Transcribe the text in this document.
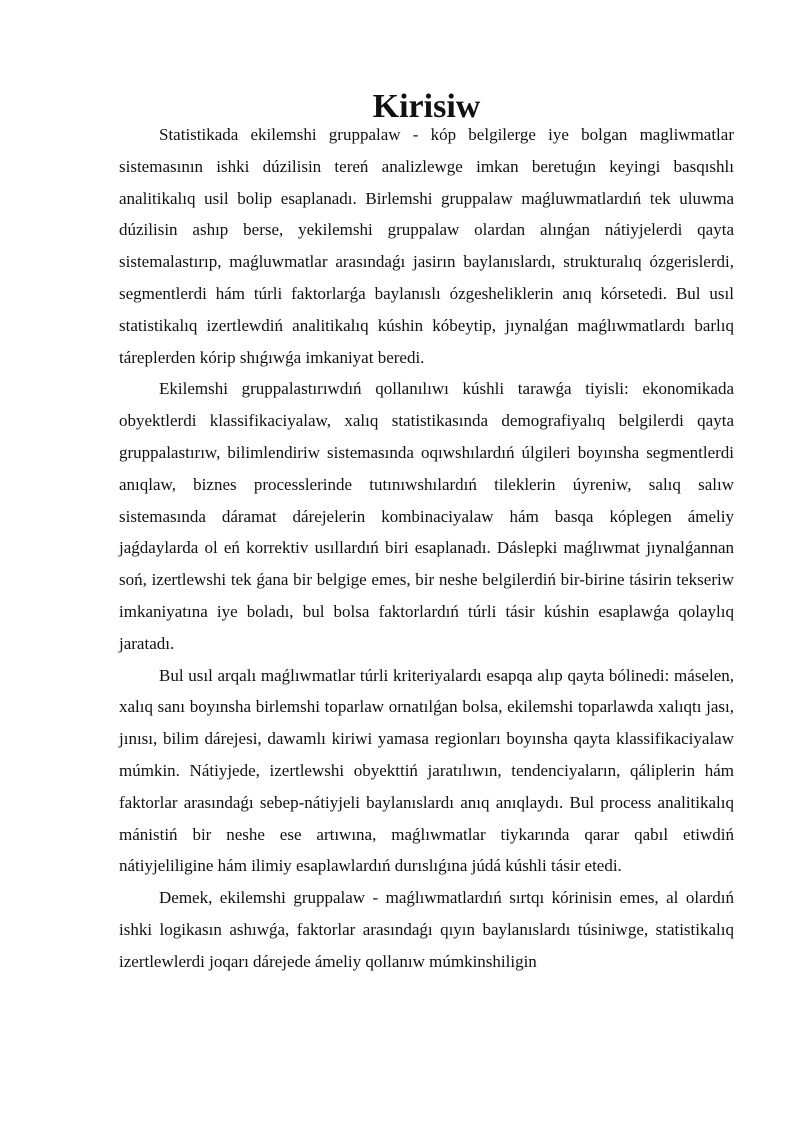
Kirisiw

Statistikada ekilemshi gruppalaw - kóp belgilerge iye bolgan magliwmatlar sistemasının ishki dúzilisin tereń analizlewge imkan beretuǵın keyingi basqıshlı analitikalıq usil bolip esaplanadı. Birlemshi gruppalaw maǵluwmatlardıń tek uluwma dúzilisin ashıp berse, yekilemshi gruppalaw olardan alınǵan nátiyjelerdi qayta sistemalastırıp, maǵluwmatlar arasındaǵı jasirın baylanıslardı, strukturalıq ózgerislerdi, segmentlerdi hám túrli faktorlarǵa baylanıslı ózgesheliklerin anıq kórsetedi. Bul usıl statistikalıq izertlewdiń analitikalıq kúshin kóbeytip, jıynalǵan maǵlıwmatlardı barlıq táreplerden kórip shıǵıwǵa imkaniyat beredi.

Ekilemshi gruppalastırıwdıń qollanılıwı kúshli tarawǵa tiyisli: ekonomikada obyektlerdi klassifikaciyalaw, xalıq statistikasında demografiyalıq belgilerdi qayta gruppalastırıw, bilimlendiriw sistemasında oqıwshılardıń úlgileri boyınsha segmentlerdi anıqlaw, biznes processlerinde tutınıwshılardıń tileklerin úyreniw, salıq salıw sistemasında dáramat dárejelerin kombinaciyalaw hám basqa kóplegen ámeliy jaǵdaylarda ol eń korrektiv usıllardıń biri esaplanadı. Dáslepki maǵlıwmat jıynalǵannan soń, izertlewshi tek ǵana bir belgige emes, bir neshe belgilerdiń bir-birine tásirin tekseriw imkaniyatına iye boladı, bul bolsa faktorlardıń túrli tásir kúshin esaplawǵa qolaylıq jaratadı.

Bul usıl arqalı maǵlıwmatlar túrli kriteriyalardı esapqa alıp qayta bólinedi: máselen, xalıq sanı boyınsha birlemshi toparlaw ornatılǵan bolsa, ekilemshi toparlawda xalıqtı jası, jınısı, bilim dárejesi, dawamlı kiriwi yamasa regionları boyınsha qayta klassifikaciyalaw múmkin. Nátiyjede, izertlewshi obyekttiń jaratılıwın, tendenciyaların, qáliplerin hám faktorlar arasındaǵı sebep-nátiyjeli baylanıslardı anıq anıqlaydı. Bul process analitikalıq mánistiń bir neshe ese artıwına, maǵlıwmatlar tiykarında qarar qabıl etiwdiń nátiyjeliligine hám ilimiy esaplawlardıń durıslıǵına júdá kúshli tásir etedi.

Demek, ekilemshi gruppalaw - maǵlıwmatlardıń sırtqı kórinisin emes, al olardıń ishki logikasın ashıwǵa, faktorlar arasındaǵı qıyın baylanıslardı túsiniwge, statistikalıq izertlewlerdi joqarı dárejede ámeliy qollanıw múmkinshiligin
